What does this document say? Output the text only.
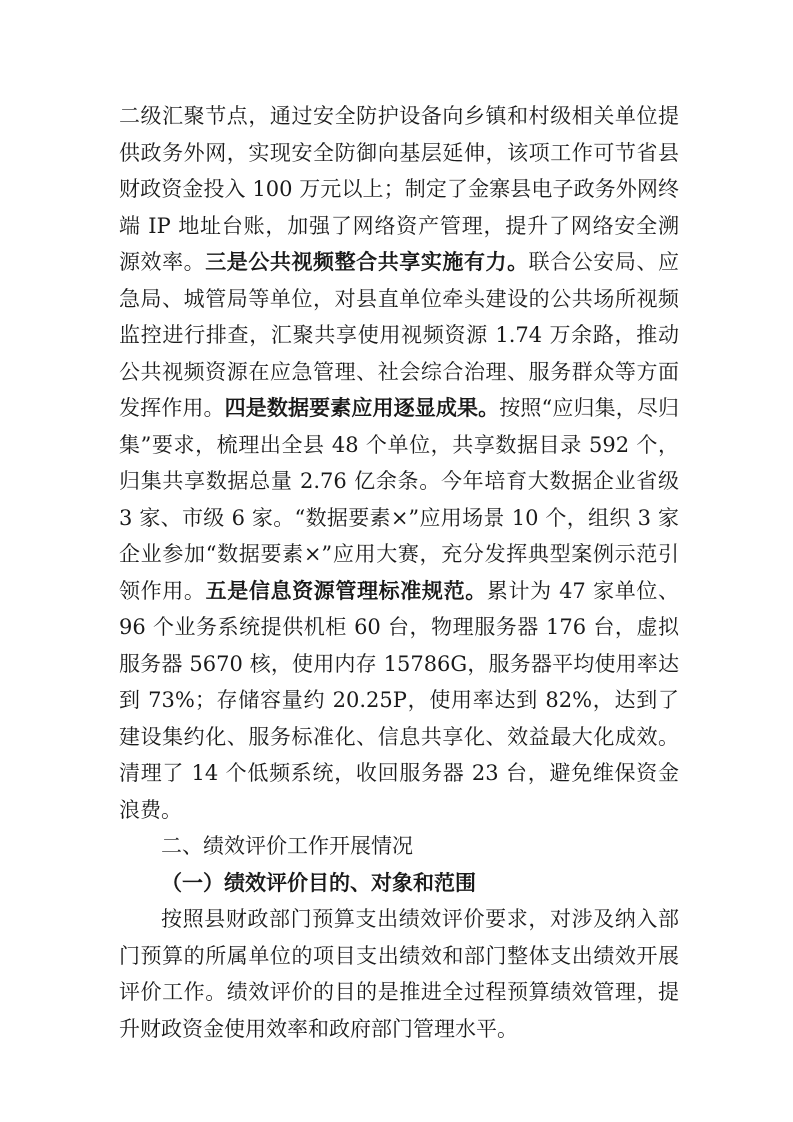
二级汇聚节点，通过安全防护设备向乡镇和村级相关单位提供政务外网，实现安全防御向基层延伸，该项工作可节省县财政资金投入 100 万元以上；制定了金寨县电子政务外网终端 IP 地址台账，加强了网络资产管理，提升了网络安全溯源效率。三是公共视频整合共享实施有力。联合公安局、应急局、城管局等单位，对县直单位牵头建设的公共场所视频监控进行排查，汇聚共享使用视频资源 1.74 万余路，推动公共视频资源在应急管理、社会综合治理、服务群众等方面发挥作用。四是数据要素应用逐显成果。按照“应归集，尽归集”要求，梳理出全县 48 个单位，共享数据目录 592 个，归集共享数据总量 2.76 亿余条。今年培育大数据企业省级 3 家、市级 6 家。“数据要素×”应用场景 10 个，组织 3 家企业参加“数据要素×”应用大赛，充分发挥典型案例示范引领作用。五是信息资源管理标准规范。累计为 47 家单位、96 个业务系统提供机柜 60 台，物理服务器 176 台，虚拟服务器 5670 核，使用内存 15786G，服务器平均使用率达到 73%；存储容量约 20.25P，使用率达到 82%，达到了建设集约化、服务标准化、信息共享化、效益最大化成效。清理了 14 个低频系统，收回服务器 23 台，避免维保资金浪费。

二、绩效评价工作开展情况

（一）绩效评价目的、对象和范围

按照县财政部门预算支出绩效评价要求，对涉及纳入部门预算的所属单位的项目支出绩效和部门整体支出绩效开展评价工作。绩效评价的目的是推进全过程预算绩效管理，提升财政资金使用效率和政府部门管理水平。
